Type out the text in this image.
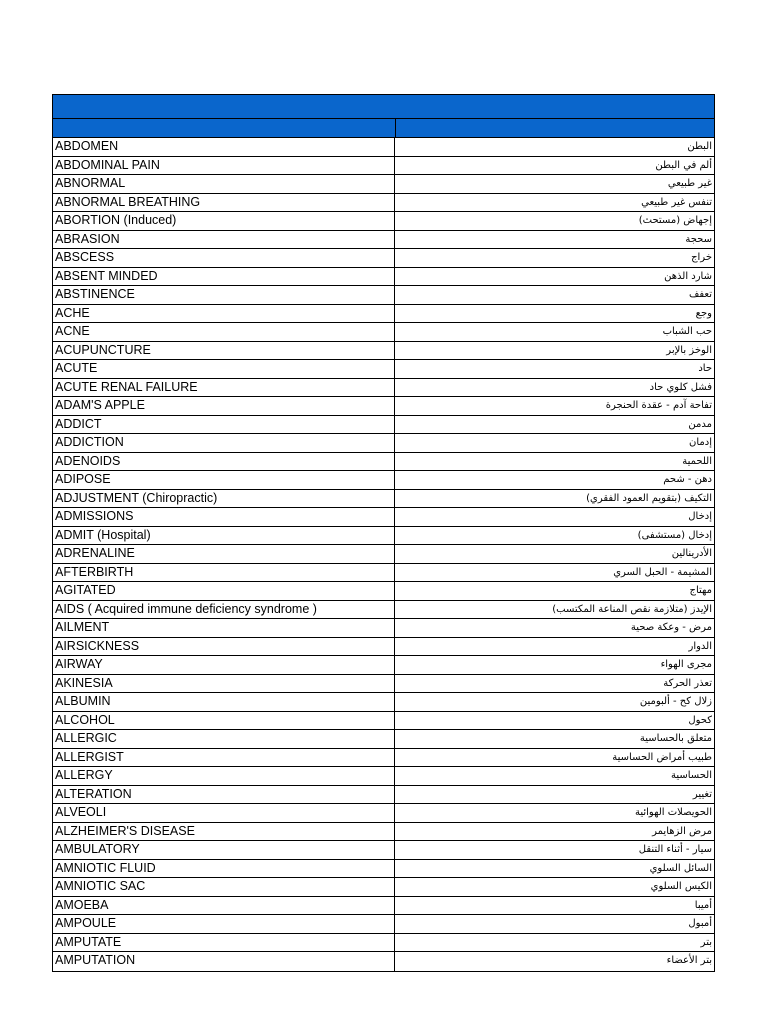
ABDOMEN	البطن
ABDOMINAL PAIN	ألم في البطن
ABNORMAL	غير طبيعي
ABNORMAL BREATHING	تنفس غير طبيعي
ABORTION (Induced)	إجهاض (مستحث)
ABRASION	سحجة
ABSCESS	خراج
ABSENT MINDED	شارد الذهن
ABSTINENCE	تعفف
ACHE	وجع
ACNE	حب الشباب
ACUPUNCTURE	الوخز بالإبر
ACUTE	حاد
ACUTE RENAL FAILURE	فشل كلوي حاد
ADAM'S APPLE	تفاحة آدم - عقدة الحنجرة
ADDICT	مدمن
ADDICTION	إدمان
ADENOIDS	اللحمية
ADIPOSE	دهن - شحم
ADJUSTMENT (Chiropractic)	التكيف (بتقويم العمود الفقري)
ADMISSIONS	إدخال
ADMIT (Hospital)	إدخال (مستشفى)
ADRENALINE	الأدرينالين
AFTERBIRTH	المشيمة - الحبل السري
AGITATED	مهتاج
AIDS ( Acquired immune deficiency syndrome )	الإيدز (متلازمة نقص المناعة المكتسب)
AILMENT	مرض - وعكة صحية
AIRSICKNESS	الدوار
AIRWAY	مجرى الهواء
AKINESIA	تعذر الحركة
ALBUMIN	زلال كح - ألبومين
ALCOHOL	كحول
ALLERGIC	متعلق بالحساسية
ALLERGIST	طبيب أمراض الحساسية
ALLERGY	الحساسية
ALTERATION	تغيير
ALVEOLI	الحويصلات الهوائية
ALZHEIMER'S DISEASE	مرض الزهايمر
AMBULATORY	سيار - أثناء التنقل
AMNIOTIC FLUID	السائل السلوي
AMNIOTIC SAC	الكيس السلوي
AMOEBA	أميبا
AMPOULE	أمبول
AMPUTATE	بتر
AMPUTATION	بتر الأعضاء
